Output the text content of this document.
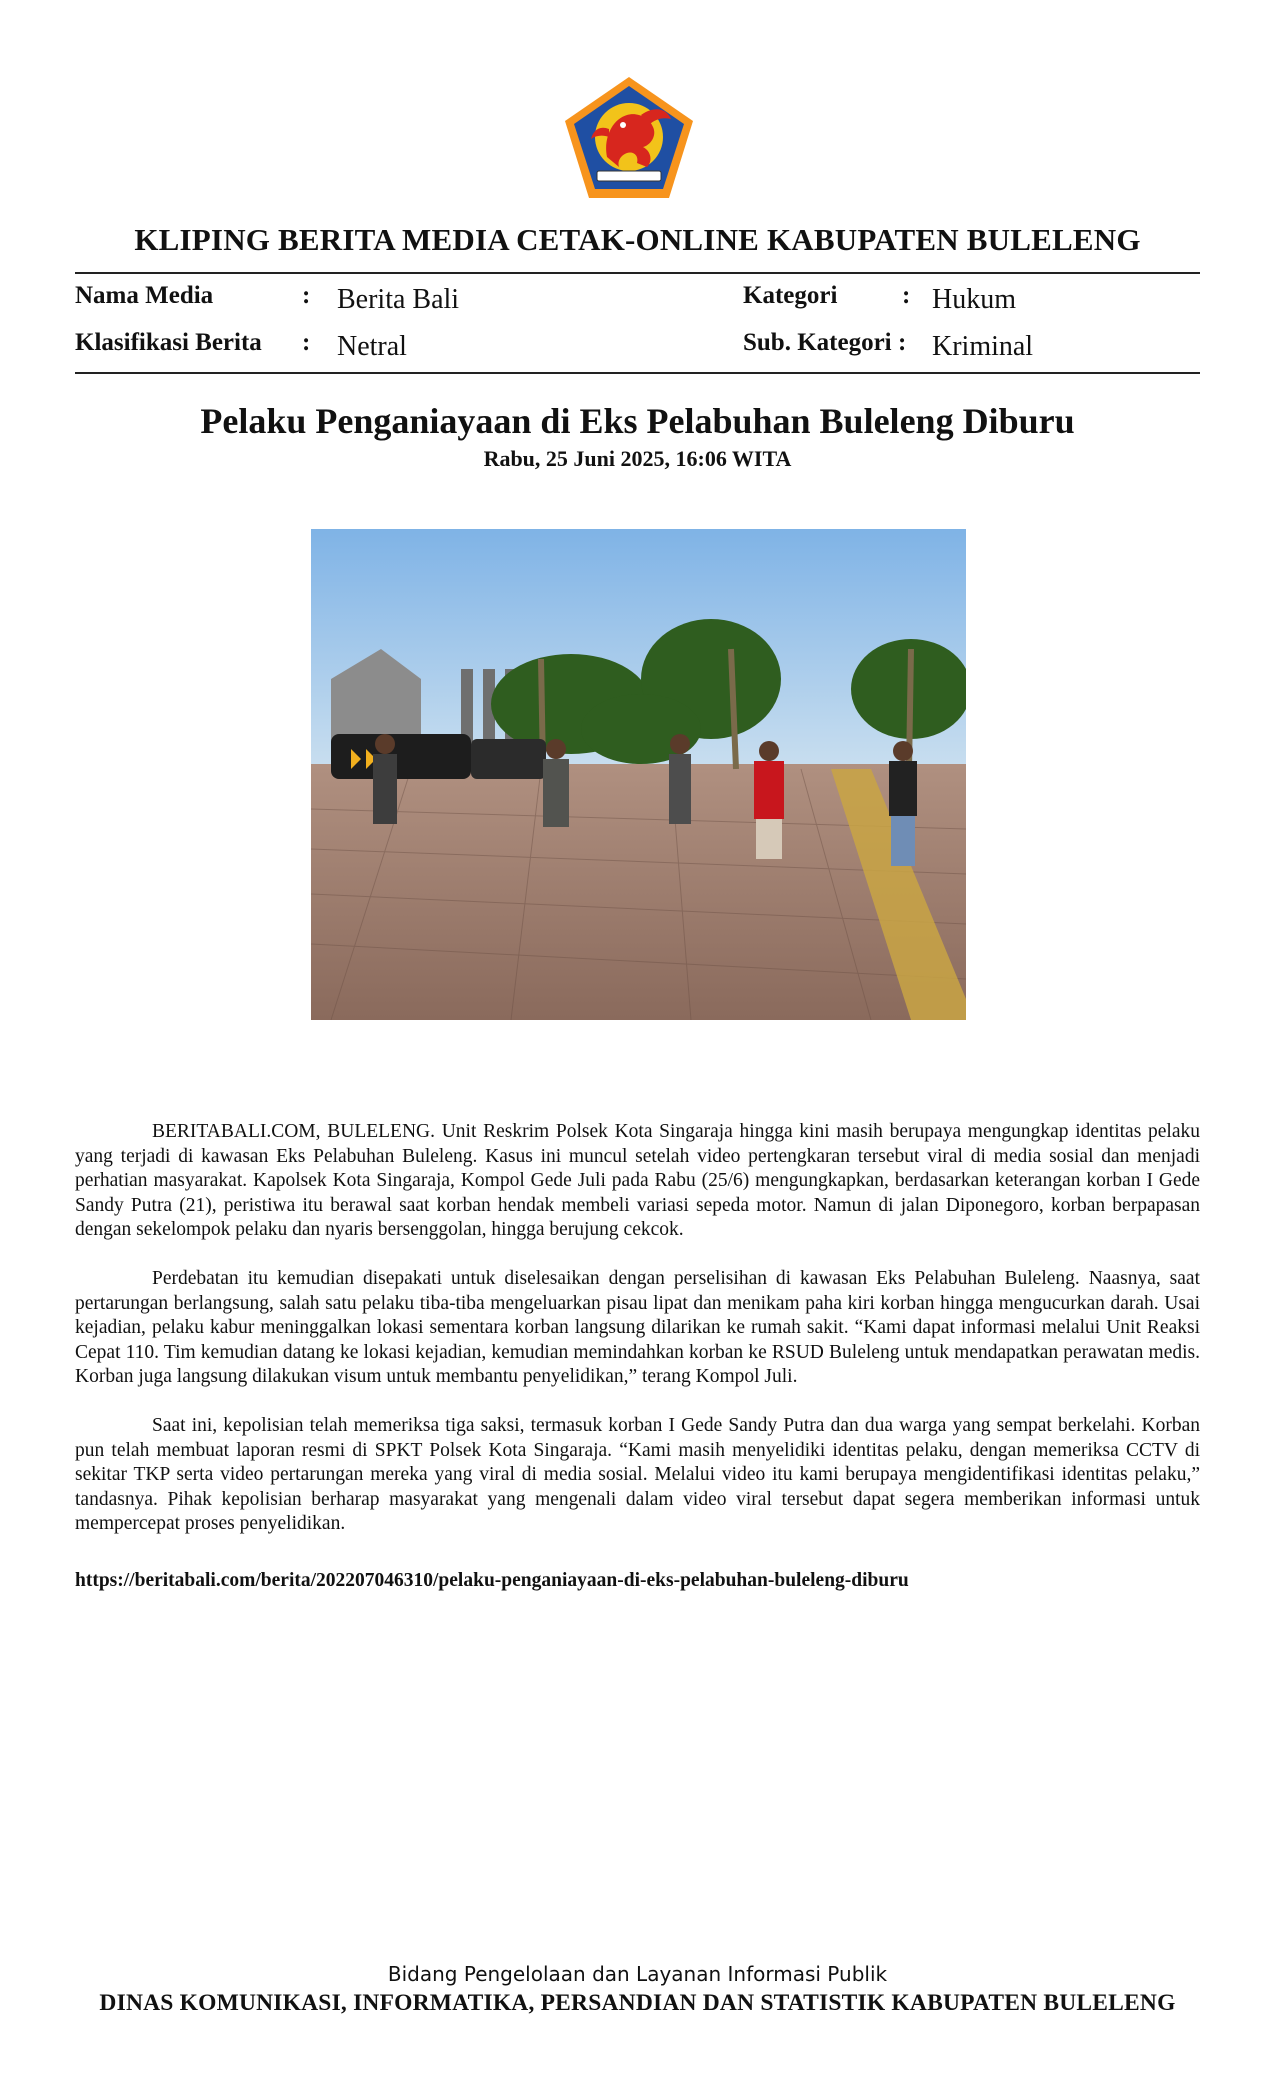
KLIPING BERITA MEDIA CETAK-ONLINE KABUPATEN BULELENG
Nama Media	: Berita Bali	Kategori	: Hukum
Klasifikasi Berita : Netral	Sub. Kategori : Kriminal
Pelaku Penganiayaan di Eks Pelabuhan Buleleng Diburu
Rabu, 25 Juni 2025, 16:06 WITA

BERITABALI.COM, BULELENG. Unit Reskrim Polsek Kota Singaraja hingga kini masih berupaya mengungkap identitas pelaku yang terjadi di kawasan Eks Pelabuhan Buleleng. Kasus ini muncul setelah video pertengkaran tersebut viral di media sosial dan menjadi perhatian masyarakat. Kapolsek Kota Singaraja, Kompol Gede Juli pada Rabu (25/6) mengungkapkan, berdasarkan keterangan korban I Gede Sandy Putra (21), peristiwa itu berawal saat korban hendak membeli variasi sepeda motor. Namun di jalan Diponegoro, korban berpapasan dengan sekelompok pelaku dan nyaris bersenggolan, hingga berujung cekcok.

Perdebatan itu kemudian disepakati untuk diselesaikan dengan perselisihan di kawasan Eks Pelabuhan Buleleng. Naasnya, saat pertarungan berlangsung, salah satu pelaku tiba-tiba mengeluarkan pisau lipat dan menikam paha kiri korban hingga mengucurkan darah. Usai kejadian, pelaku kabur meninggalkan lokasi sementara korban langsung dilarikan ke rumah sakit. “Kami dapat informasi melalui Unit Reaksi Cepat 110. Tim kemudian datang ke lokasi kejadian, kemudian memindahkan korban ke RSUD Buleleng untuk mendapatkan perawatan medis. Korban juga langsung dilakukan visum untuk membantu penyelidikan,” terang Kompol Juli.

Saat ini, kepolisian telah memeriksa tiga saksi, termasuk korban I Gede Sandy Putra dan dua warga yang sempat berkelahi. Korban pun telah membuat laporan resmi di SPKT Polsek Kota Singaraja. “Kami masih menyelidiki identitas pelaku, dengan memeriksa CCTV di sekitar TKP serta video pertarungan mereka yang viral di media sosial. Melalui video itu kami berupaya mengidentifikasi identitas pelaku,” tandasnya. Pihak kepolisian berharap masyarakat yang mengenali dalam video viral tersebut dapat segera memberikan informasi untuk mempercepat proses penyelidikan.

https://beritabali.com/berita/202207046310/pelaku-penganiayaan-di-eks-pelabuhan-buleleng-diburu
Bidang Pengelolaan dan Layanan Informasi Publik
DINAS KOMUNIKASI, INFORMATIKA, PERSANDIAN DAN STATISTIK KABUPATEN BULELENG
